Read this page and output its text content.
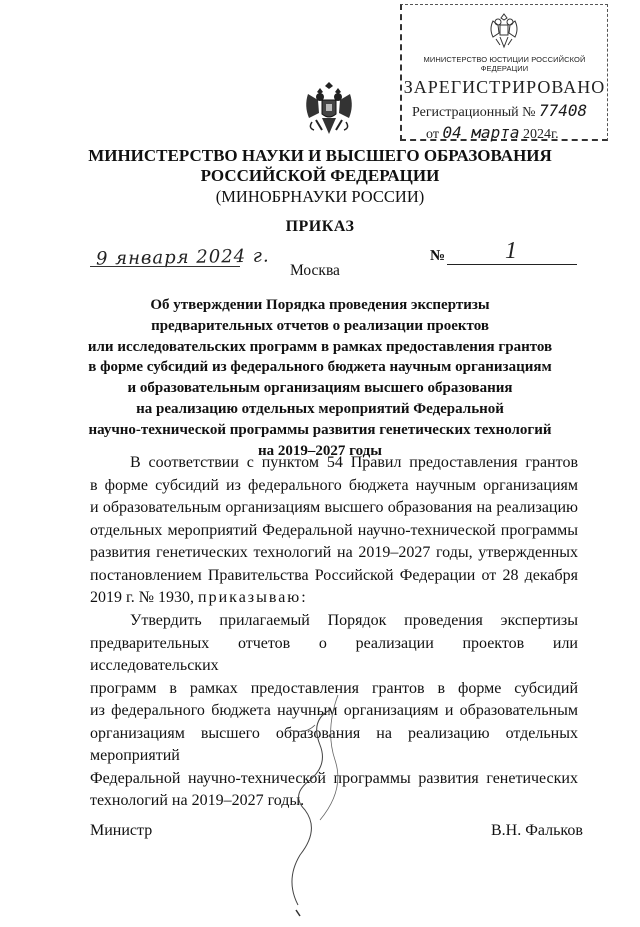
МИНИСТЕРСТВО ЮСТИЦИИ РОССИЙСКОЙ ФЕДЕРАЦИИ
ЗАРЕГИСТРИРОВАНО
Регистрационный № 77408
от 04 марта 2024г.
МИНИСТЕРСТВО НАУКИ И ВЫСШЕГО ОБРАЗОВАНИЯ
РОССИЙСКОЙ ФЕДЕРАЦИИ
(МИНОБРНАУКИ РОССИИ)
ПРИКАЗ
9 января 2024 г.	№ 1
Москва
Об утверждении Порядка проведения экспертизы
предварительных отчетов о реализации проектов
или исследовательских программ в рамках предоставления грантов
в форме субсидий из федерального бюджета научным организациям
и образовательным организациям высшего образования
на реализацию отдельных мероприятий Федеральной
научно-технической программы развития генетических технологий
на 2019–2027 годы
В соответствии с пунктом 54 Правил предоставления грантов
в форме субсидий из федерального бюджета научным организациям
и образовательным организациям высшего образования на реализацию
отдельных мероприятий Федеральной научно-технической программы
развития генетических технологий на 2019–2027 годы, утвержденных
постановлением Правительства Российской Федерации от 28 декабря
2019 г. № 1930, приказываю:
Утвердить прилагаемый Порядок проведения экспертизы
предварительных отчетов о реализации проектов или исследовательских
программ в рамках предоставления грантов в форме субсидий
из федерального бюджета научным организациям и образовательным
организациям высшего образования на реализацию отдельных мероприятий
Федеральной научно-технической программы развития генетических
технологий на 2019–2027 годы.
Министр	В.Н. Фальков
